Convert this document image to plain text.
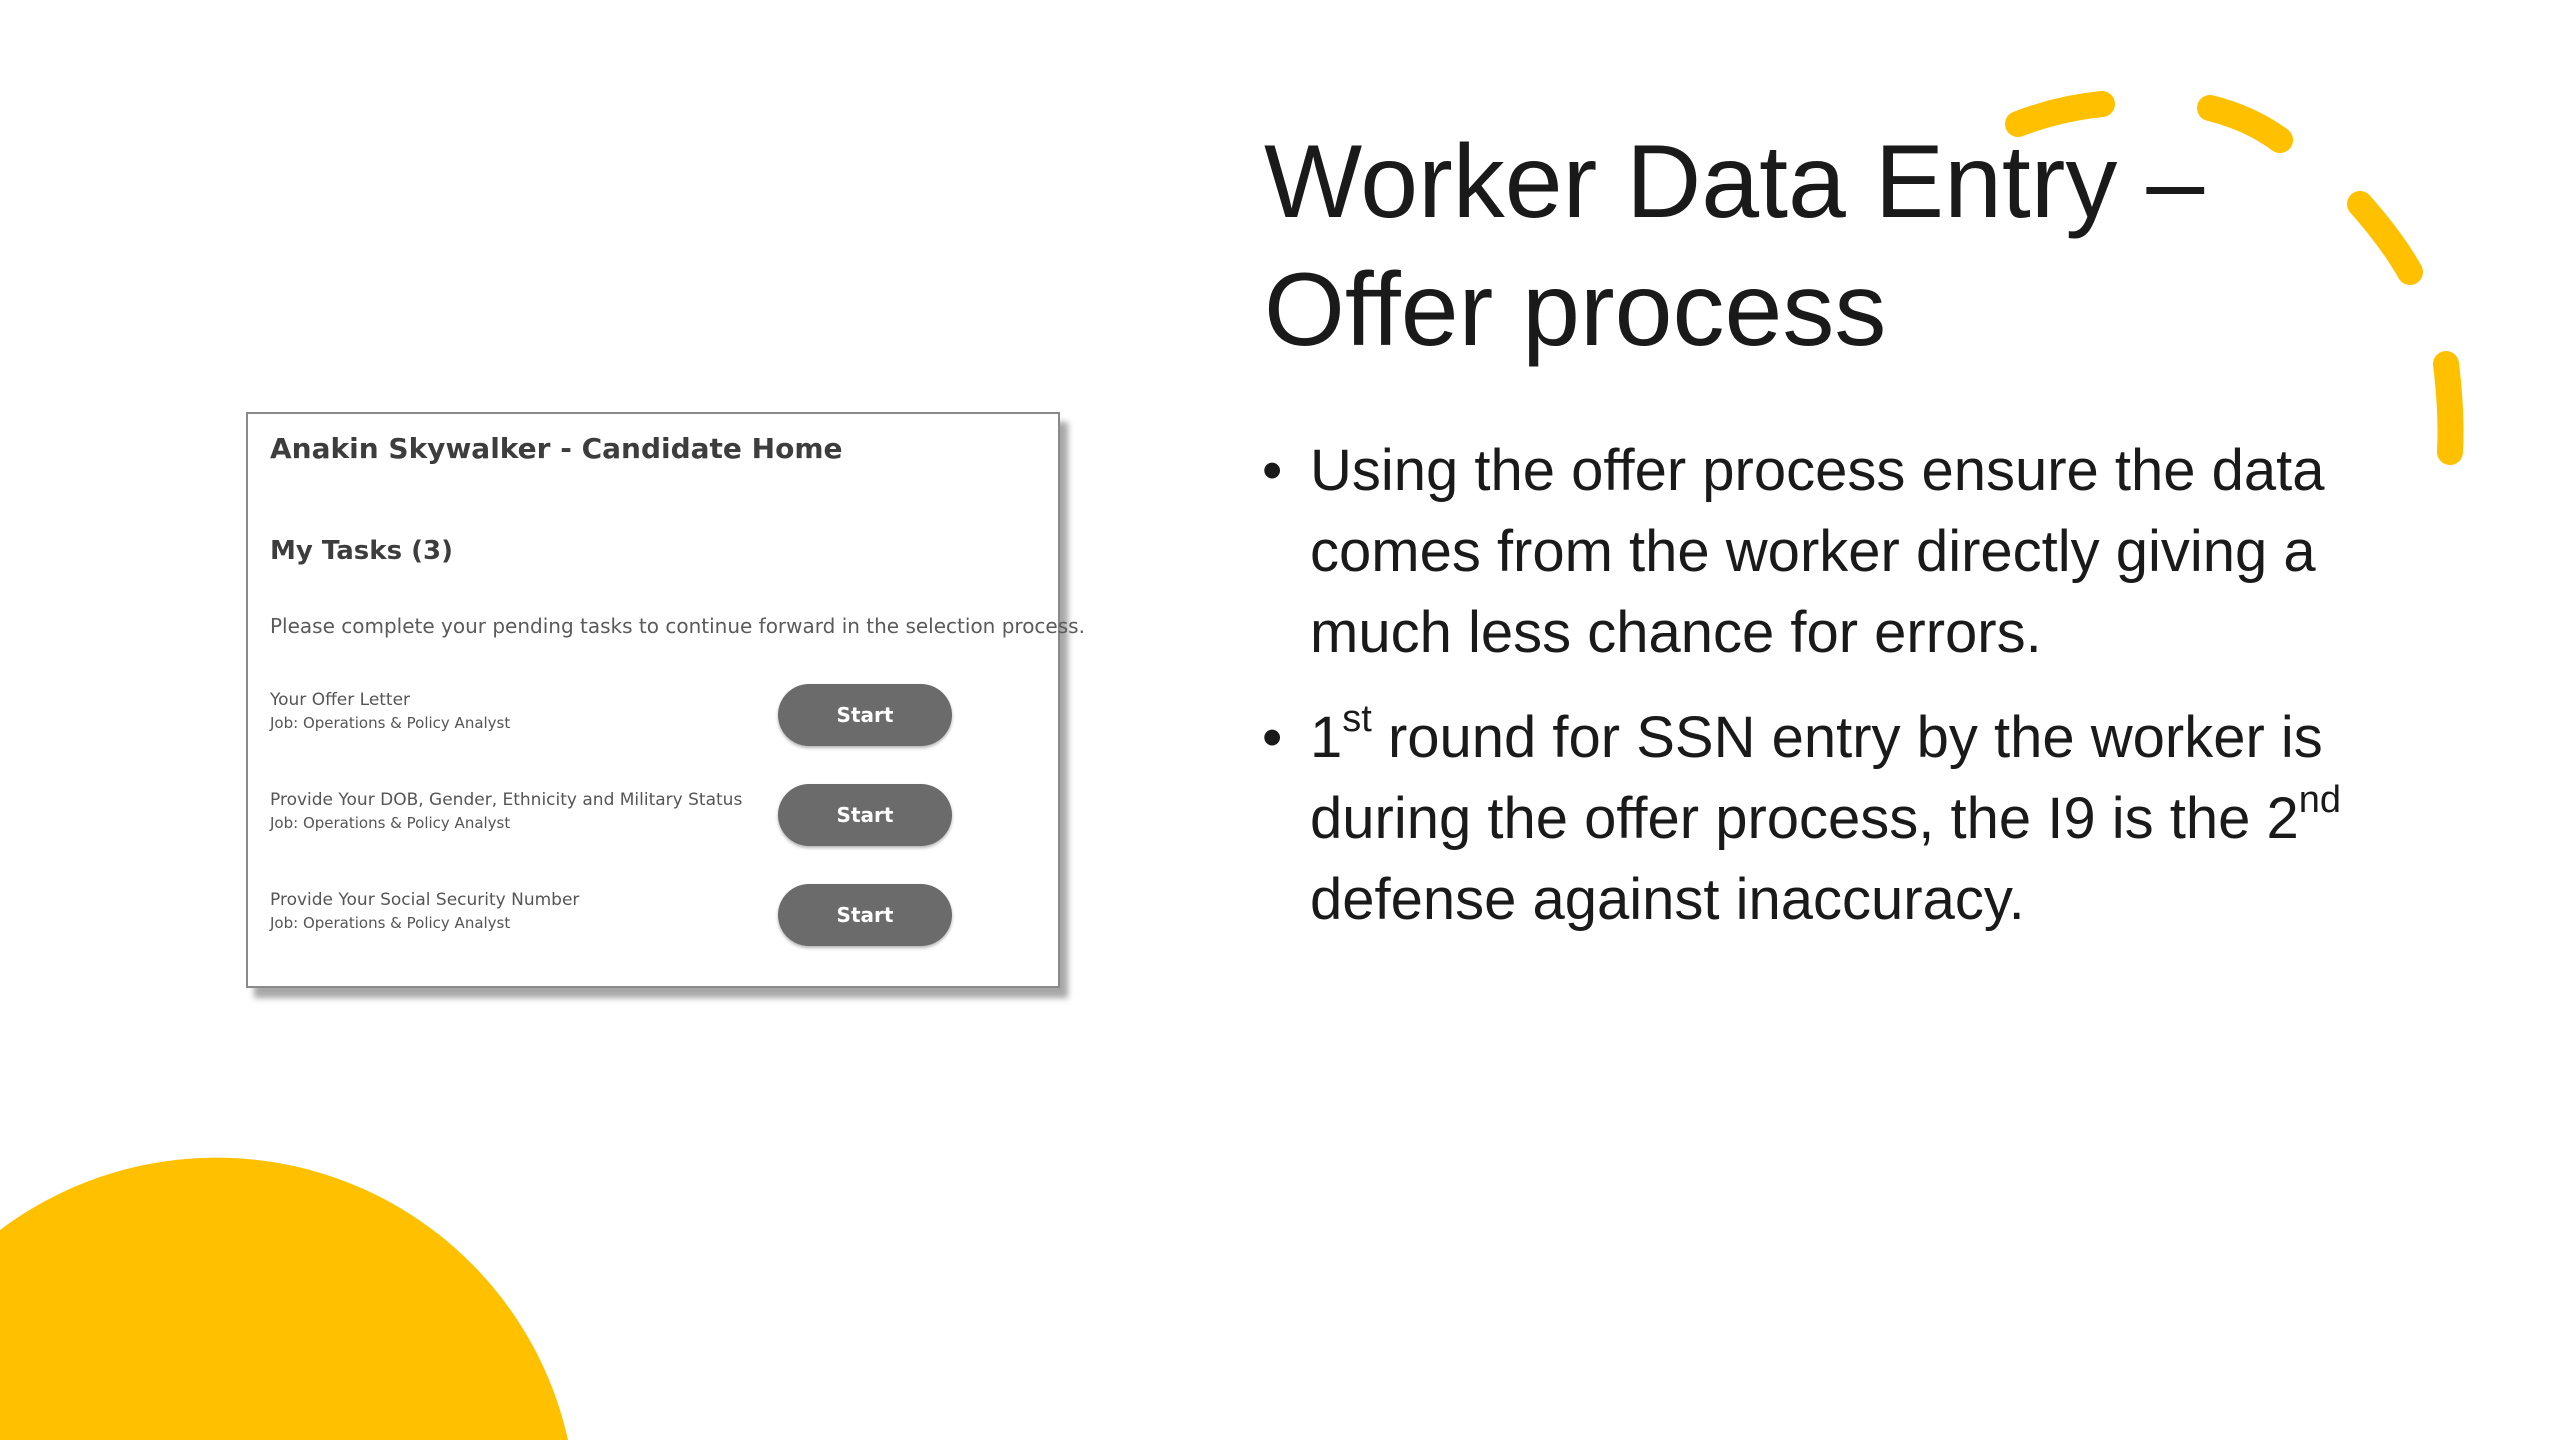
Anakin Skywalker - Candidate Home
My Tasks (3)
Please complete your pending tasks to continue forward in the selection process.
Your Offer Letter
Job: Operations & Policy Analyst	Start
Provide Your DOB, Gender, Ethnicity and Military Status
Job: Operations & Policy Analyst	Start
Provide Your Social Security Number
Job: Operations & Policy Analyst	Start
Worker Data Entry –
Offer process
• Using the offer process ensure the data comes from the worker directly giving a much less chance for errors.
• 1st round for SSN entry by the worker is during the offer process, the I9 is the 2nd defense against inaccuracy.
